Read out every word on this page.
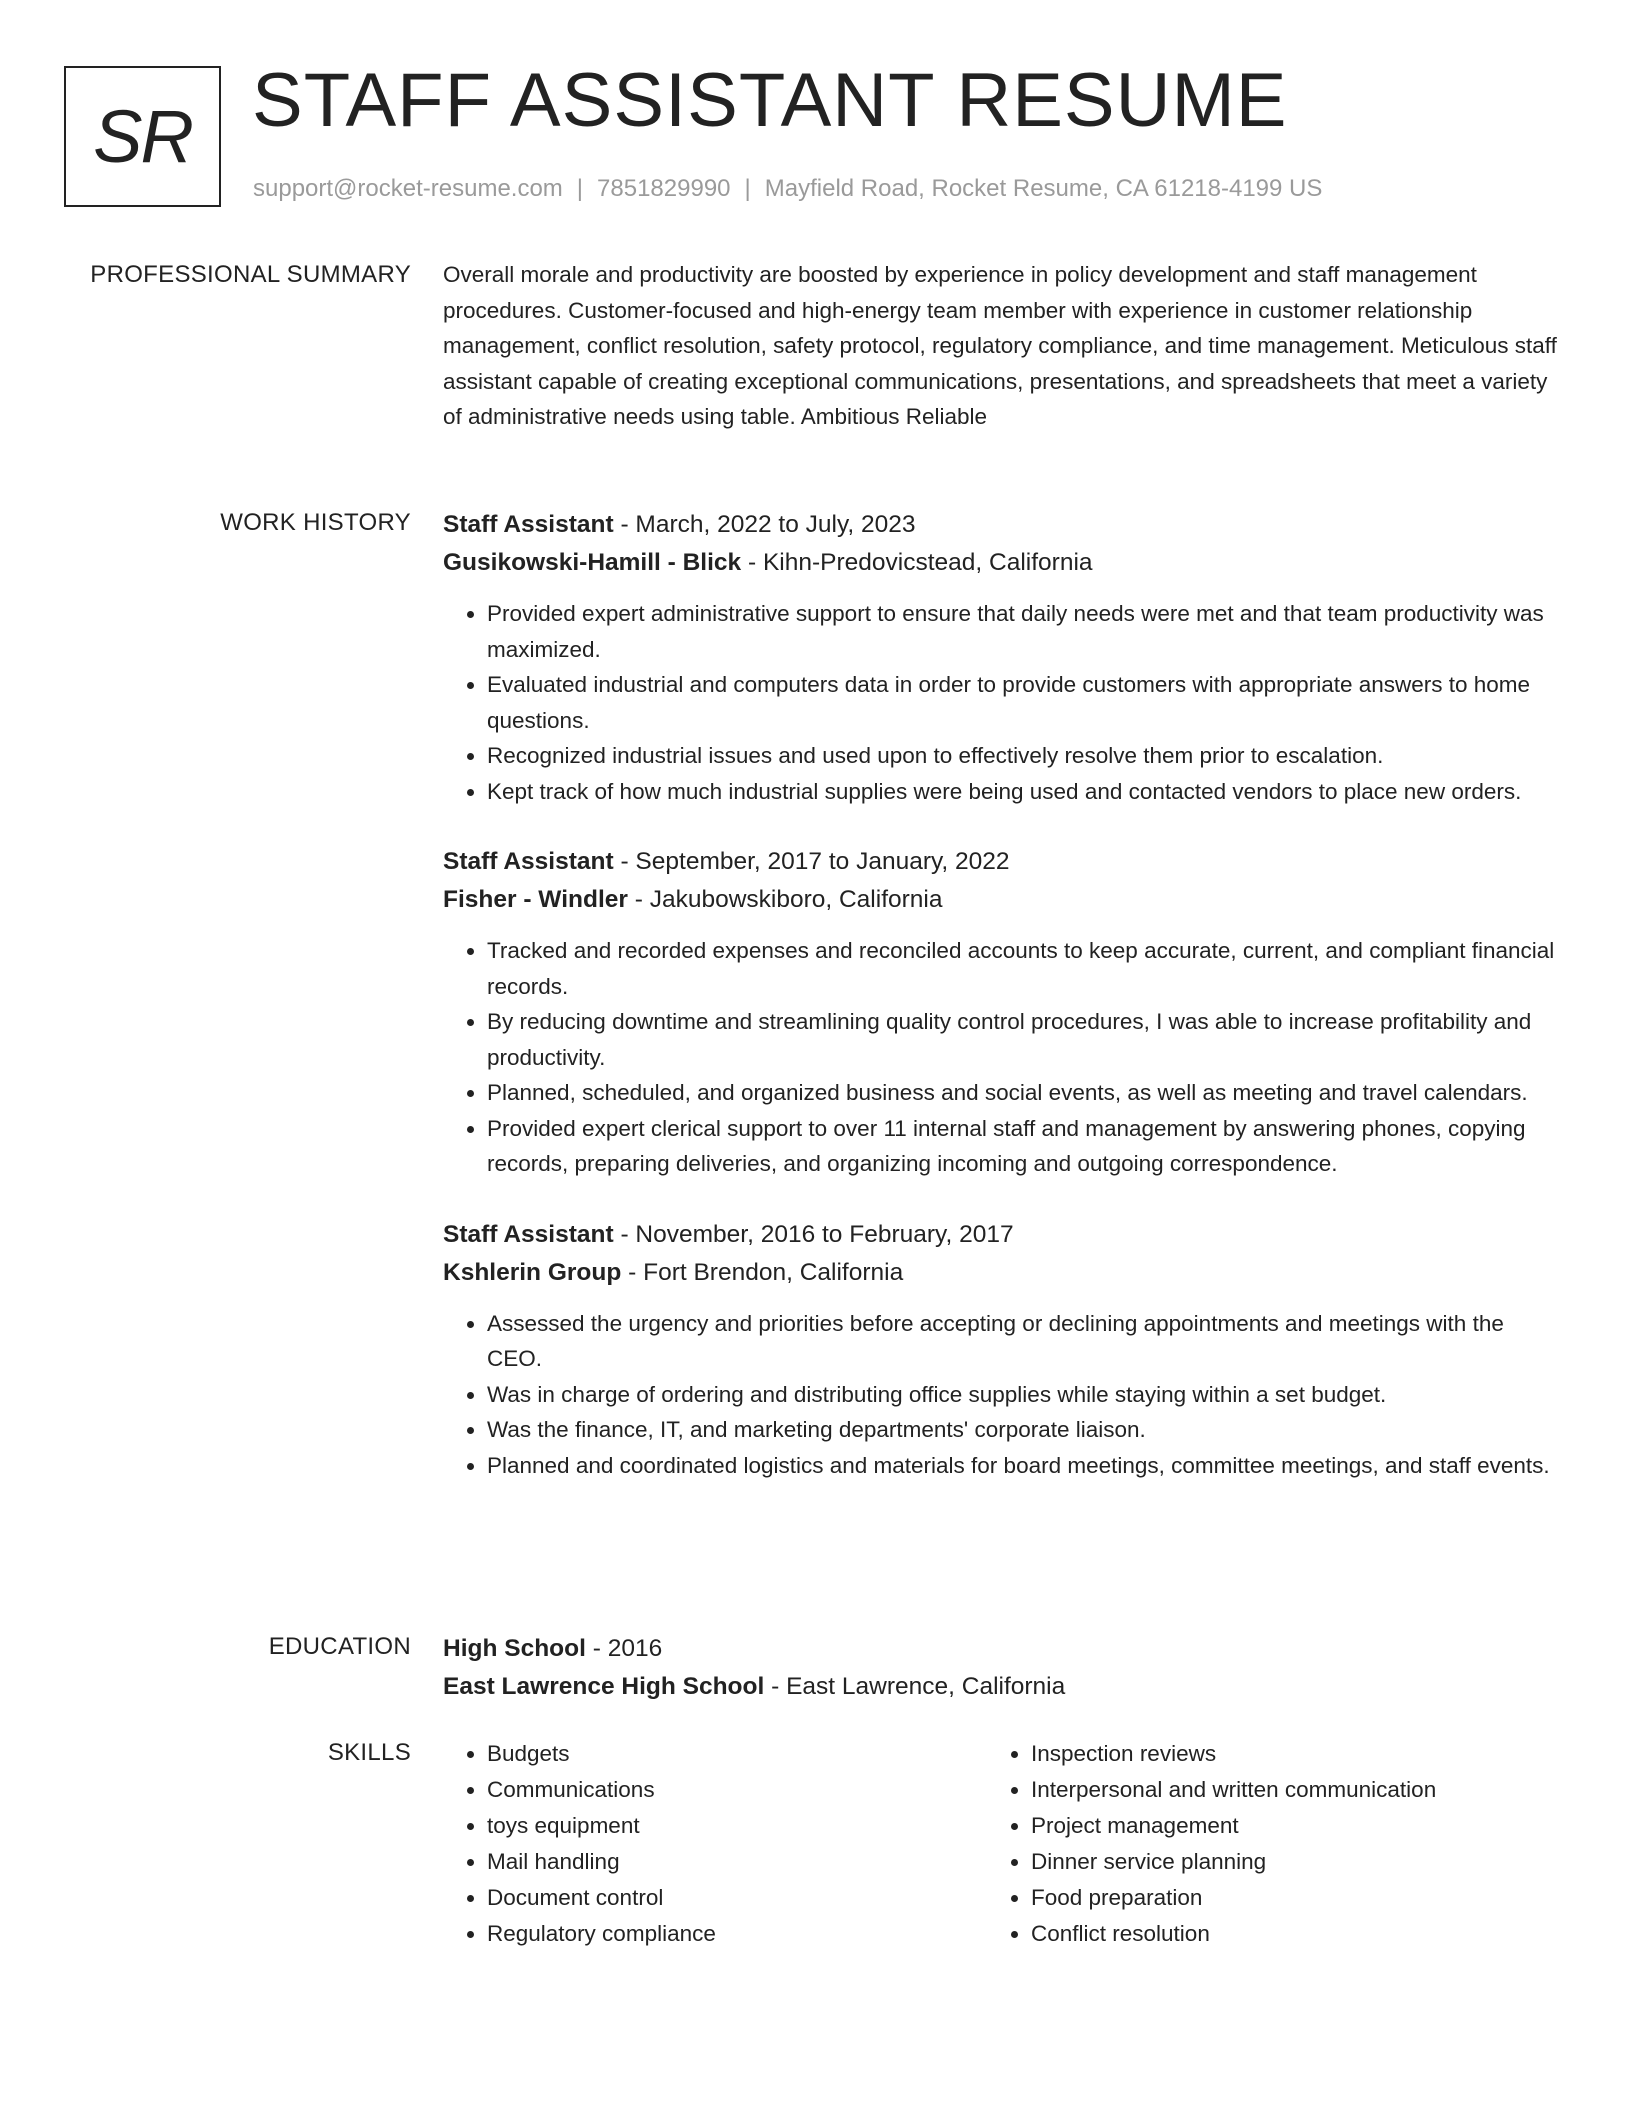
SR STAFF ASSISTANT RESUME
support@rocket-resume.com | 7851829990 | Mayfield Road, Rocket Resume, CA 61218-4199 US
PROFESSIONAL SUMMARY Overall morale and productivity are boosted by experience in policy development and staff management procedures. Customer-focused and high-energy team member with experience in customer relationship management, conflict resolution, safety protocol, regulatory compliance, and time management. Meticulous staff assistant capable of creating exceptional communications, presentations, and spreadsheets that meet a variety of administrative needs using table. Ambitious Reliable

WORK HISTORY Staff Assistant - March, 2022 to July, 2023
Gusikowski-Hamill - Blick - Kihn-Predovicstead, California
• Provided expert administrative support to ensure that daily needs were met and that team productivity was maximized.
• Evaluated industrial and computers data in order to provide customers with appropriate answers to home questions.
• Recognized industrial issues and used upon to effectively resolve them prior to escalation.
• Kept track of how much industrial supplies were being used and contacted vendors to place new orders.
Staff Assistant - September, 2017 to January, 2022
Fisher - Windler - Jakubowskiboro, California
• Tracked and recorded expenses and reconciled accounts to keep accurate, current, and compliant financial records.
• By reducing downtime and streamlining quality control procedures, I was able to increase profitability and productivity.
• Planned, scheduled, and organized business and social events, as well as meeting and travel calendars.
• Provided expert clerical support to over 11 internal staff and management by answering phones, copying records, preparing deliveries, and organizing incoming and outgoing correspondence.
Staff Assistant - November, 2016 to February, 2017
Kshlerin Group - Fort Brendon, California
• Assessed the urgency and priorities before accepting or declining appointments and meetings with the CEO.
• Was in charge of ordering and distributing office supplies while staying within a set budget.
• Was the finance, IT, and marketing departments' corporate liaison.
• Planned and coordinated logistics and materials for board meetings, committee meetings, and staff events.
EDUCATION High School - 2016
East Lawrence High School - East Lawrence, California
SKILLS
•	Budgets
• Communications
• toys equipment
• Mail handling
• Document control
• Regulatory compliance
• Inspection reviews
• Interpersonal and written communication
• Project management
• Dinner service planning
• Food preparation
• Conflict resolution
